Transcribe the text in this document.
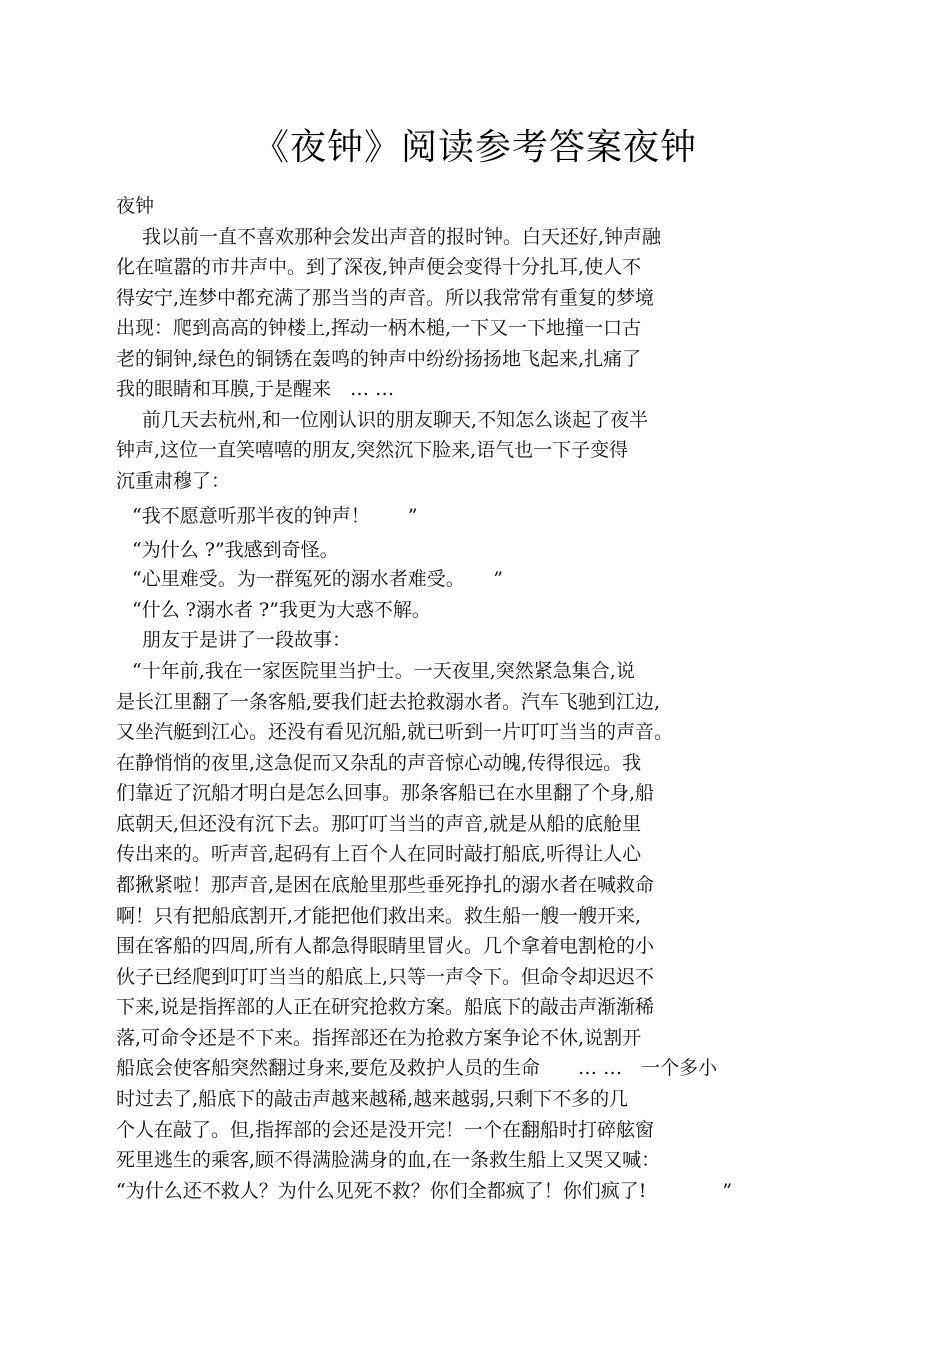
《夜钟》阅读参考答案夜钟
夜钟
我以前一直不喜欢那种会发出声音的报时钟。白天还好,钟声融
化在喧嚣的市井声中。到了深夜,钟声便会变得十分扎耳,使人不
得安宁,连梦中都充满了那当当的声音。所以我常常有重复的梦境
出现：爬到高高的钟楼上,挥动一柄木槌,一下又一下地撞一口古
老的铜钟,绿色的铜锈在轰鸣的钟声中纷纷扬扬地飞起来,扎痛了
我的眼睛和耳膜,于是醒来　… …
前几天去杭州,和一位刚认识的朋友聊天,不知怎么谈起了夜半
钟声,这位一直笑嘻嘻的朋友,突然沉下脸来,语气也一下子变得
沉重肃穆了：
“我不愿意听那半夜的钟声！　　”
“为什么 ?”我感到奇怪。
“心里难受。为一群冤死的溺水者难受。　　”
“什么 ?溺水者 ?”我更为大惑不解。
朋友于是讲了一段故事：
“十年前,我在一家医院里当护士。一天夜里,突然紧急集合,说
是长江里翻了一条客船,要我们赶去抢救溺水者。汽车飞驰到江边,
又坐汽艇到江心。还没有看见沉船,就已听到一片叮叮当当的声音。
在静悄悄的夜里,这急促而又杂乱的声音惊心动魄,传得很远。我
们靠近了沉船才明白是怎么回事。那条客船已在水里翻了个身,船
底朝天,但还没有沉下去。那叮叮当当的声音,就是从船的底舱里
传出来的。听声音,起码有上百个人在同时敲打船底,听得让人心
都揪紧啦！那声音,是困在底舱里那些垂死挣扎的溺水者在喊救命
啊！只有把船底割开,才能把他们救出来。救生船一艘一艘开来,
围在客船的四周,所有人都急得眼睛里冒火。几个拿着电割枪的小
伙子已经爬到叮叮当当的船底上,只等一声令下。但命令却迟迟不
下来,说是指挥部的人正在研究抢救方案。船底下的敲击声渐渐稀
落,可命令还是不下来。指挥部还在为抢救方案争论不休,说割开
船底会使客船突然翻过身来,要危及救护人员的生命　　… …　一个多小
时过去了,船底下的敲击声越来越稀,越来越弱,只剩下不多的几
个人在敲了。但,指挥部的会还是没开完！一个在翻船时打碎舷窗
死里逃生的乘客,顾不得满脸满身的血,在一条救生船上又哭又喊：
“为什么还不救人？为什么见死不救？你们全都疯了！你们疯了!　　　　”
